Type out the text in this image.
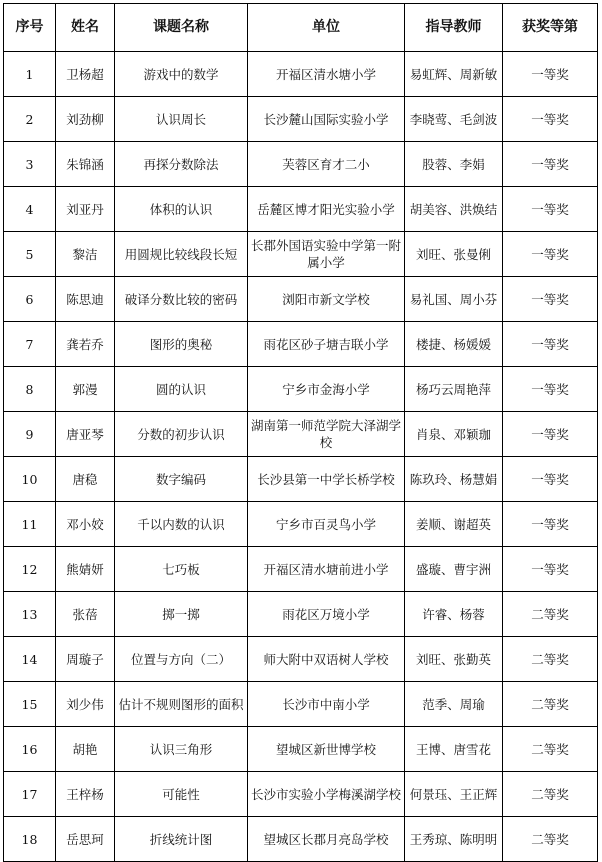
序号	姓名	课题名称	单位	指导教师	获奖等第
1	卫杨超	游戏中的数学	开福区清水塘小学	易虹辉、周新敏	一等奖
2	刘劲柳	认识周长	长沙麓山国际实验小学	李晓莺、毛剑波	一等奖
3	朱锦涵	再探分数除法	芙蓉区育才二小	股蓉、李娟	一等奖
4	刘亚丹	体积的认识	岳麓区博才阳光实验小学	胡美容、洪焕结	一等奖
5	黎洁	用圆规比较线段长短	长郡外国语实验中学第一附属小学	刘旺、张曼俐	一等奖
6	陈思迪	破译分数比较的密码	浏阳市新文学校	易礼国、周小芬	一等奖
7	龚若乔	图形的奥秘	雨花区砂子塘吉联小学	楼捷、杨媛媛	一等奖
8	郭漫	圆的认识	宁乡市金海小学	杨巧云周艳萍	一等奖
9	唐亚琴	分数的初步认识	湖南第一师范学院大泽湖学校	肖泉、邓颖珈	一等奖
10	唐稳	数字编码	长沙县第一中学长桥学校	陈玖玲、杨慧娟	一等奖
11	邓小姣	千以内数的认识	宁乡市百灵鸟小学	姜顺、谢超英	一等奖
12	熊婧妍	七巧板	开福区清水塘前进小学	盛璇、曹宇洲	一等奖
13	张蓓	掷一掷	雨花区万境小学	许睿、杨蓉	二等奖
14	周璇子	位置与方向（二）	师大附中双语树人学校	刘旺、张勤英	二等奖
15	刘少伟	估计不规则图形的面积	长沙市中南小学	范季、周瑜	二等奖
16	胡艳	认识三角形	望城区新世博学校	王博、唐雪花	二等奖
17	王梓杨	可能性	长沙市实验小学梅溪湖学校	何景珏、王正辉	二等奖
18	岳思珂	折线统计图	望城区长郡月亮岛学校	王秀琼、陈明明	二等奖
